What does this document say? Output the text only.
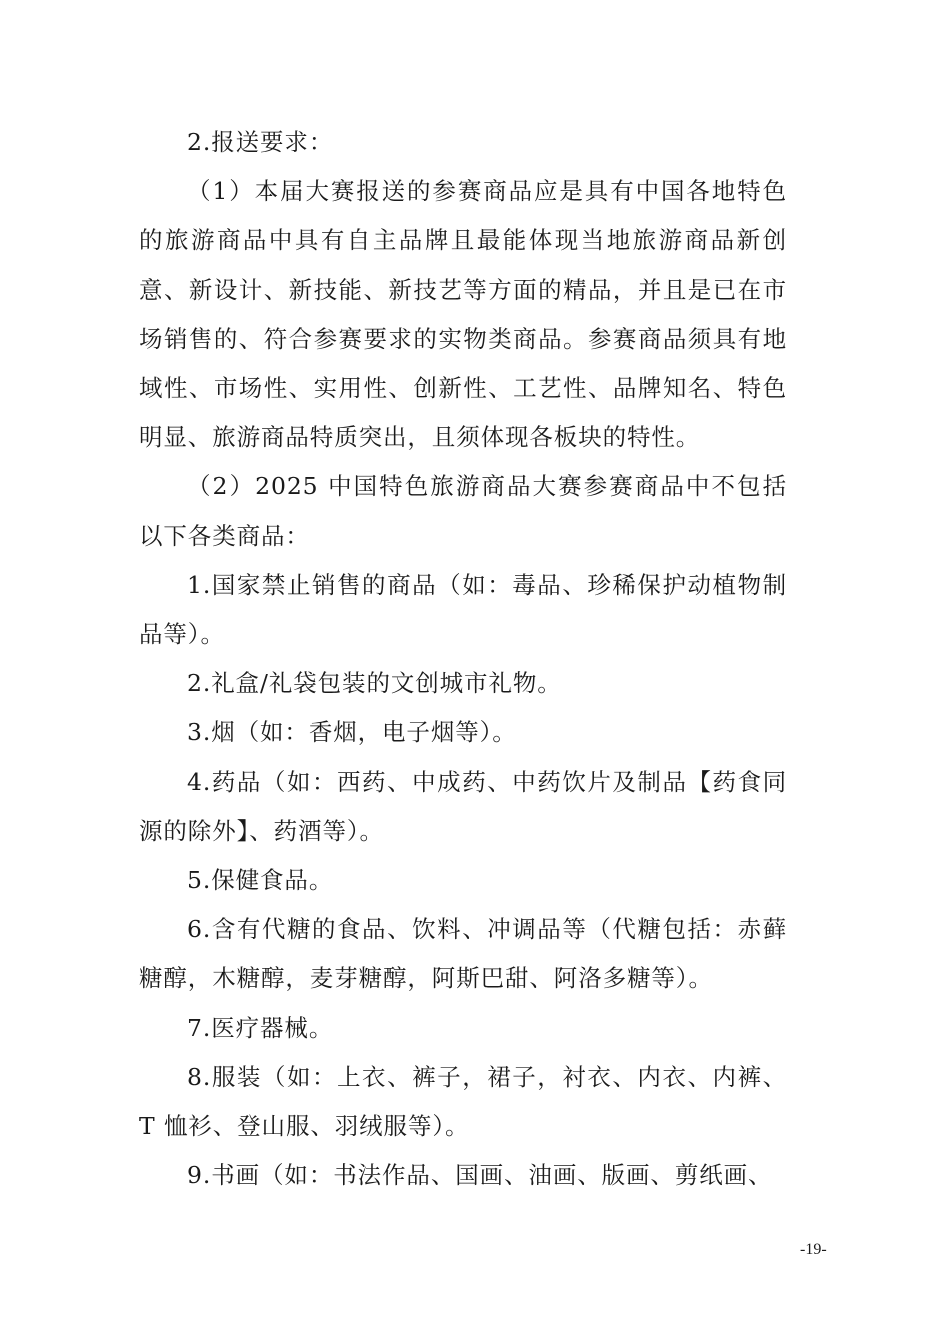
2.报送要求：

（1）本届大赛报送的参赛商品应是具有中国各地特色的旅游商品中具有自主品牌且最能体现当地旅游商品新创意、新设计、新技能、新技艺等方面的精品，并且是已在市场销售的、符合参赛要求的实物类商品。参赛商品须具有地域性、市场性、实用性、创新性、工艺性、品牌知名、特色明显、旅游商品特质突出，且须体现各板块的特性。

（2）2025 中国特色旅游商品大赛参赛商品中不包括以下各类商品：

1.国家禁止销售的商品（如：毒品、珍稀保护动植物制品等）。

2.礼盒/礼袋包装的文创城市礼物。

3.烟（如：香烟，电子烟等）。

4.药品（如：西药、中成药、中药饮片及制品【药食同源的除外】、药酒等）。

5.保健食品。

6.含有代糖的食品、饮料、冲调品等（代糖包括：赤藓糖醇，木糖醇，麦芽糖醇，阿斯巴甜、阿洛多糖等）。

7.医疗器械。

8.服装（如：上衣、裤子，裙子，衬衣、内衣、内裤、T 恤衫、登山服、羽绒服等）。

9.书画（如：书法作品、国画、油画、版画、剪纸画、

-19-
